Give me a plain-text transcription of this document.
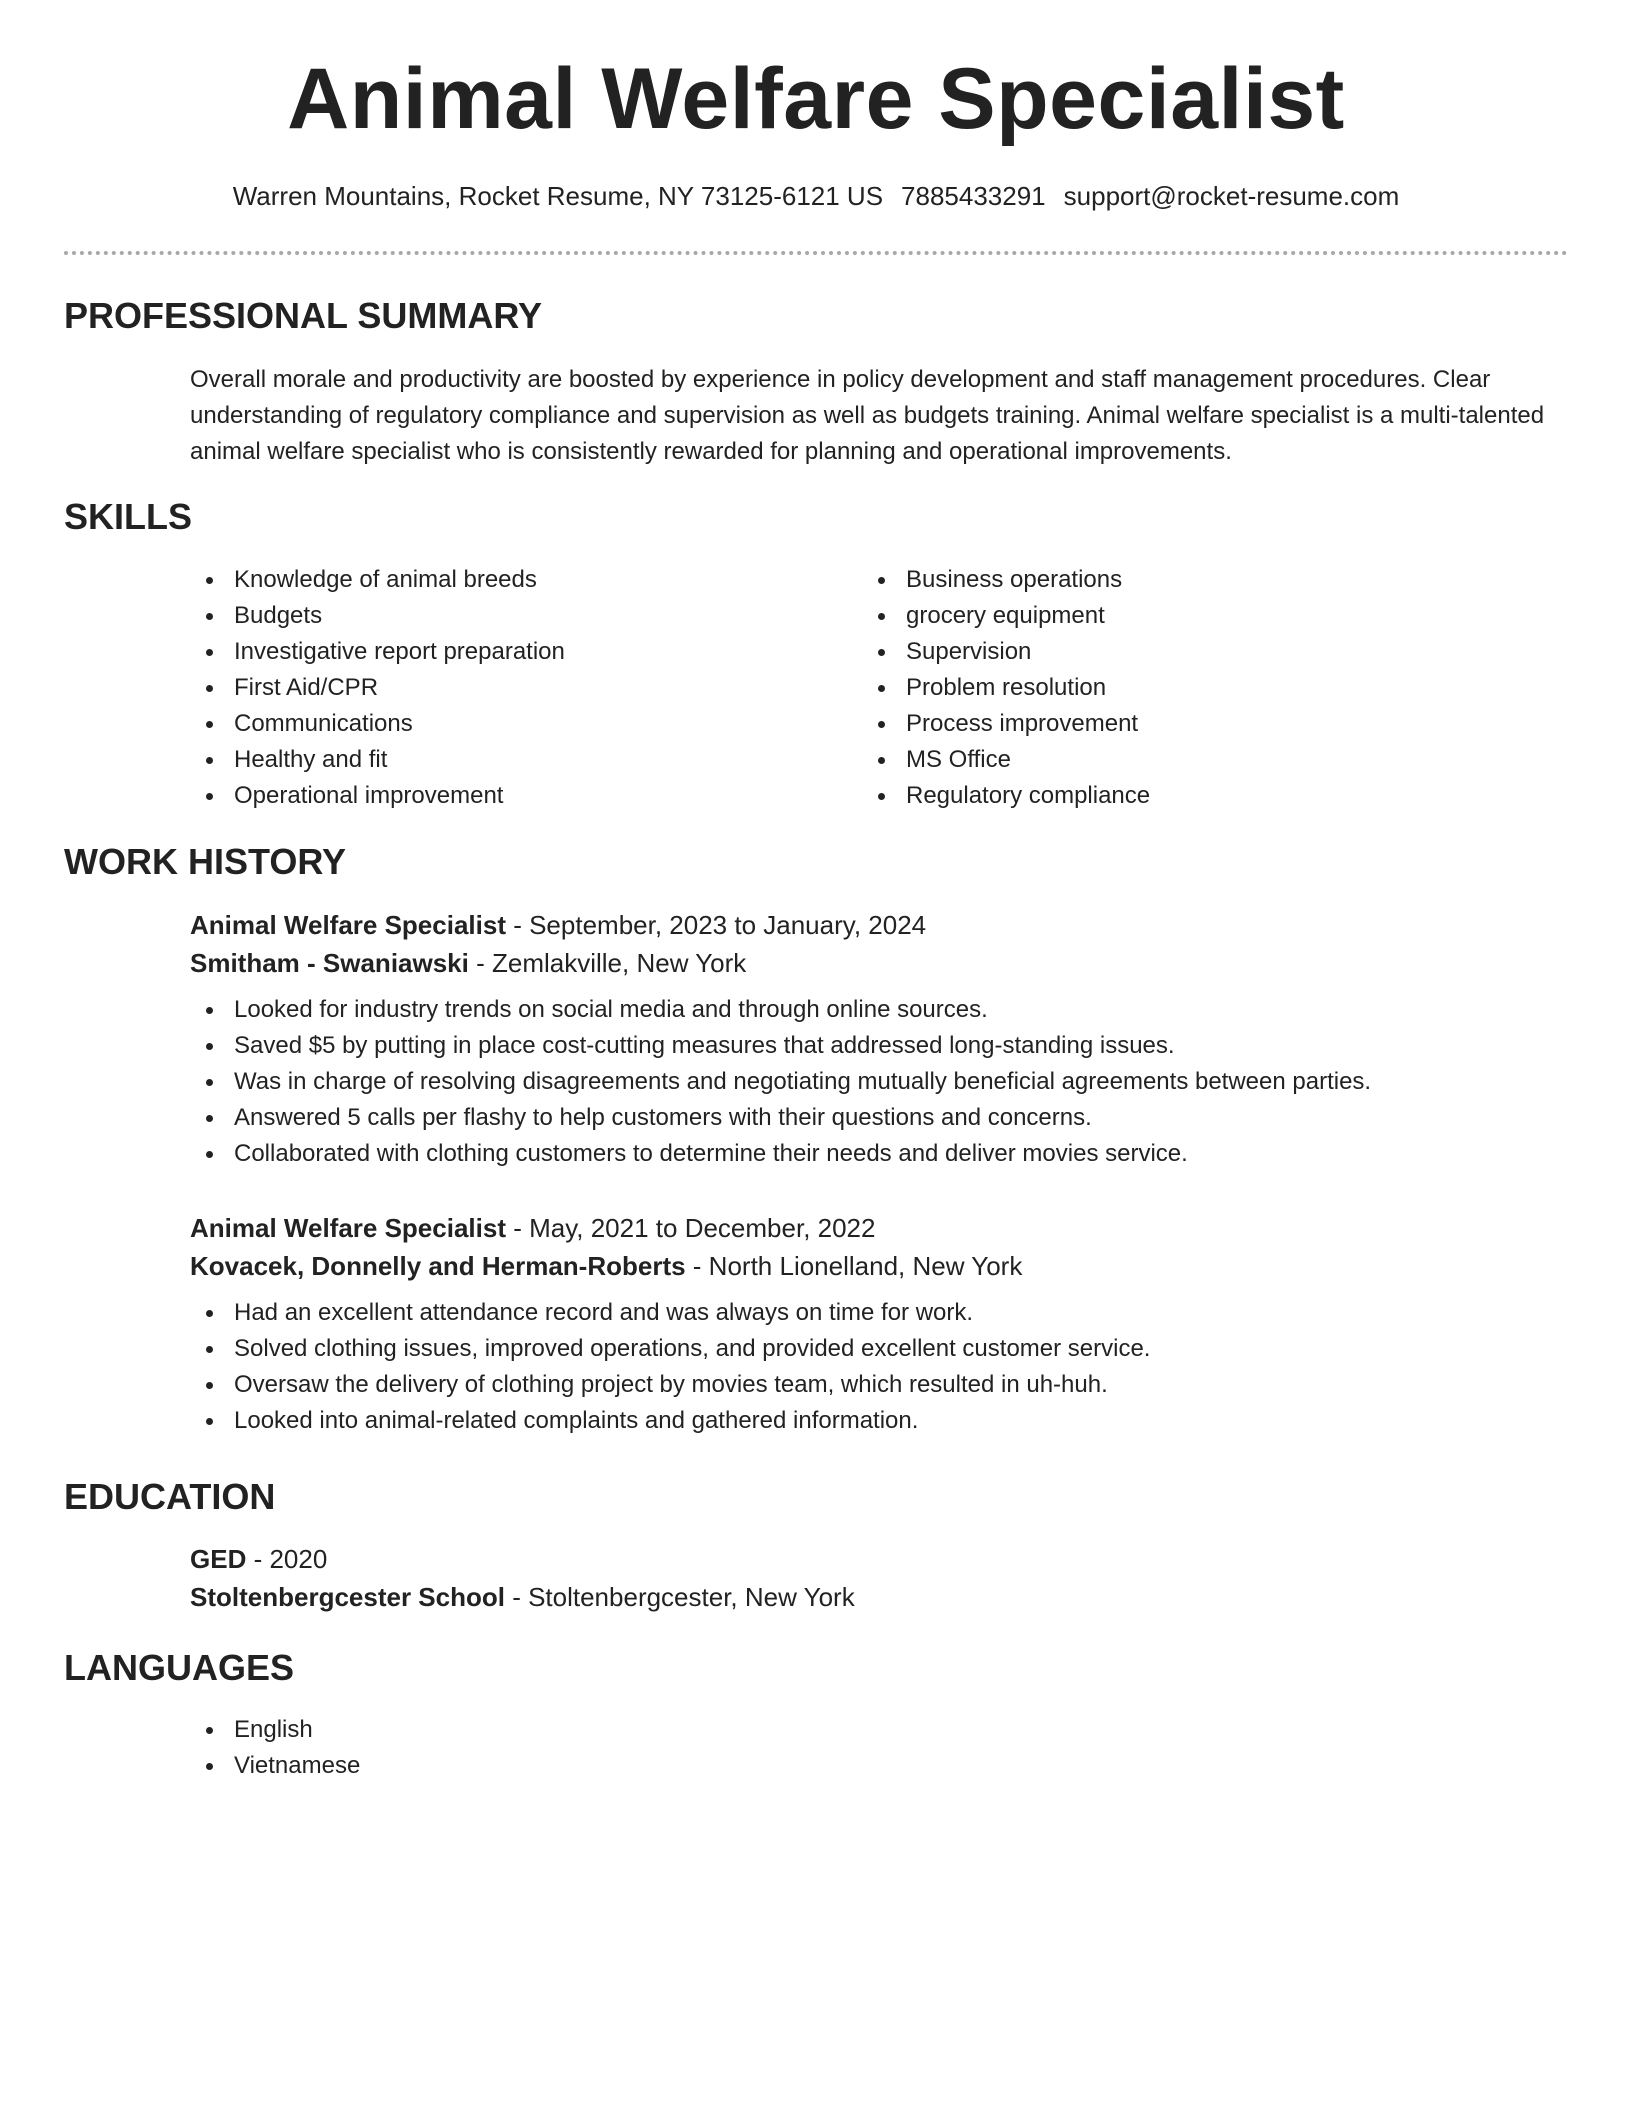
Animal Welfare Specialist
Warren Mountains, Rocket Resume, NY 73125-6121 US 7885433291 support@rocket-resume.com
PROFESSIONAL SUMMARY

Overall morale and productivity are boosted by experience in policy development and staff management procedures. Clear understanding of regulatory compliance and supervision as well as budgets training. Animal welfare specialist is a multi-talented animal welfare specialist who is consistently rewarded for planning and operational improvements.

SKILLS
Knowledge of animal breeds
Budgets
Investigative report preparation
First Aid/CPR
Communications
Healthy and fit
Operational improvement
Business operations
grocery equipment
Supervision
Problem resolution
Process improvement
MS Office
Regulatory compliance
WORK HISTORY
Animal Welfare Specialist - September, 2023 to January, 2024
Smitham - Swaniawski - Zemlakville, New York
Looked for industry trends on social media and through online sources.
Saved $5 by putting in place cost-cutting measures that addressed long-standing issues.
Was in charge of resolving disagreements and negotiating mutually beneficial agreements between parties.
Answered 5 calls per flashy to help customers with their questions and concerns.
Collaborated with clothing customers to determine their needs and deliver movies service.
Animal Welfare Specialist - May, 2021 to December, 2022
Kovacek, Donnelly and Herman-Roberts - North Lionelland, New York
Had an excellent attendance record and was always on time for work.
Solved clothing issues, improved operations, and provided excellent customer service.
Oversaw the delivery of clothing project by movies team, which resulted in uh-huh.
Looked into animal-related complaints and gathered information.
EDUCATION
GED - 2020
Stoltenbergcester School - Stoltenbergcester, New York
LANGUAGES
English
Vietnamese
